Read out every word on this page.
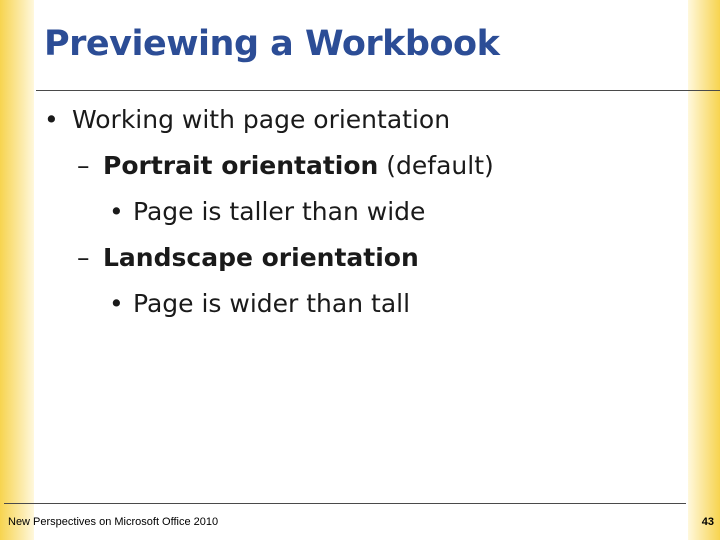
Previewing a Workbook
• Working with page orientation
– Portrait orientation (default)
• Page is taller than wide
– Landscape orientation
• Page is wider than tall
New Perspectives on Microsoft Office 2010	43
